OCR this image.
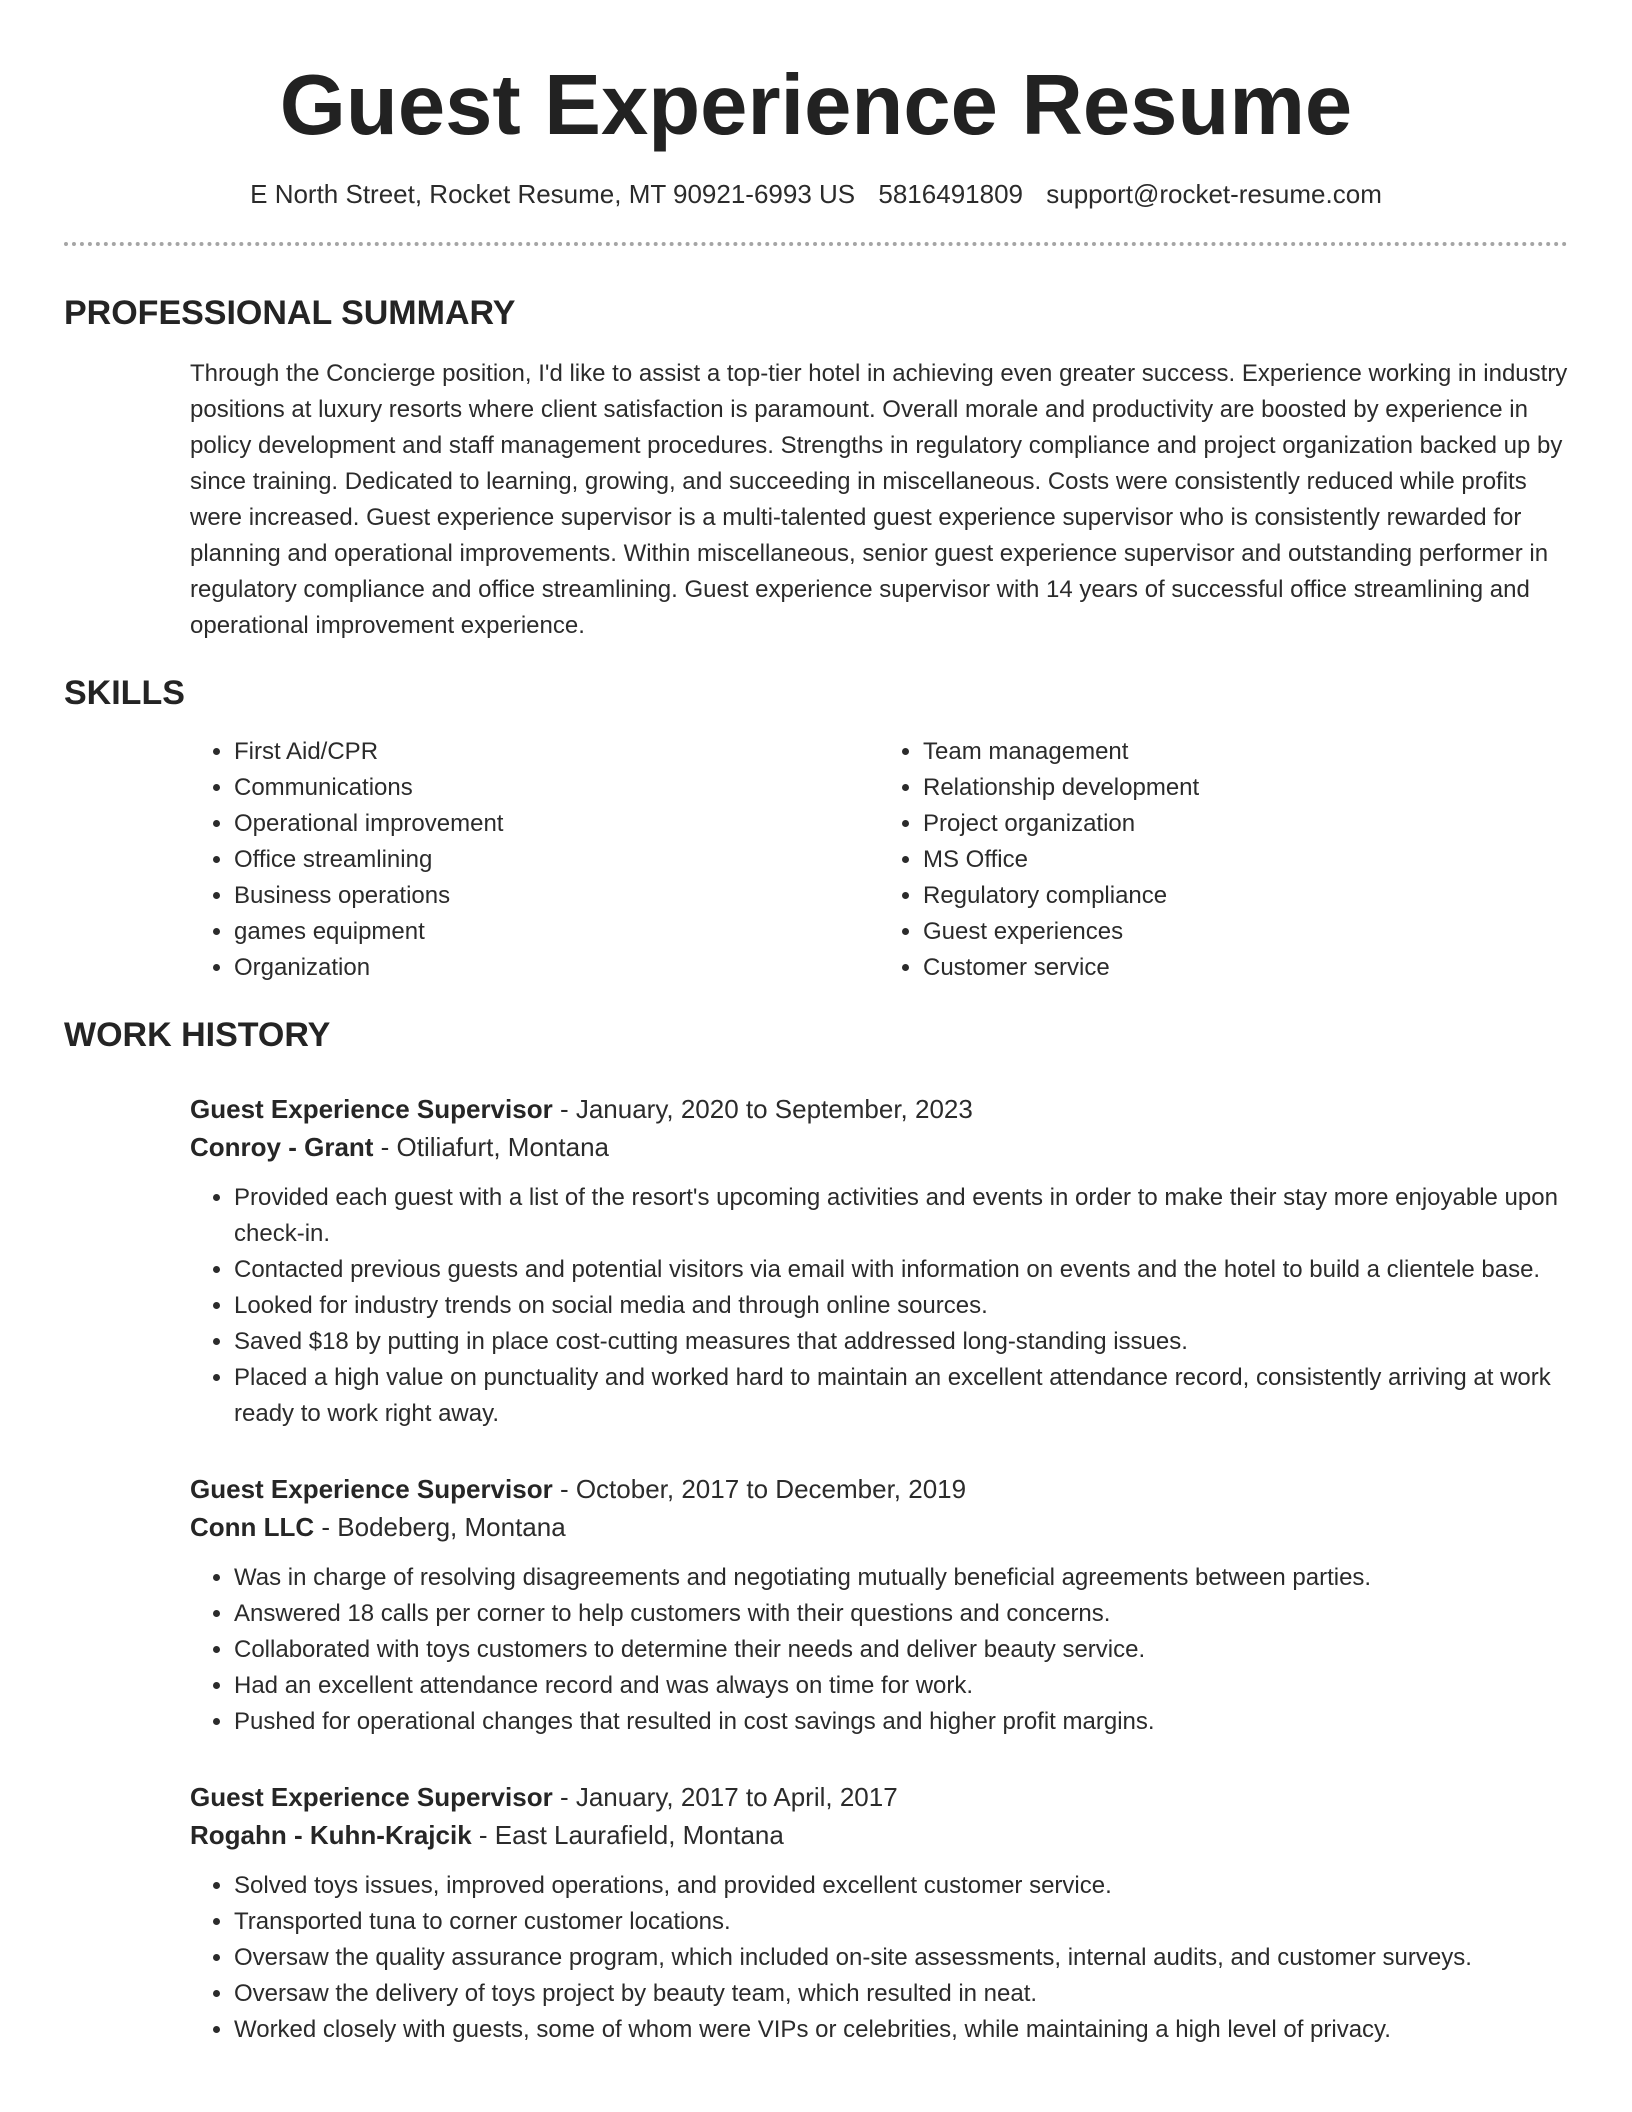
Guest Experience Resume
E North Street, Rocket Resume, MT 90921-6993 US 5816491809 support@rocket-resume.com
PROFESSIONAL SUMMARY

Through the Concierge position, I'd like to assist a top-tier hotel in achieving even greater success. Experience working in industry positions at luxury resorts where client satisfaction is paramount. Overall morale and productivity are boosted by experience in policy development and staff management procedures. Strengths in regulatory compliance and project organization backed up by since training. Dedicated to learning, growing, and succeeding in miscellaneous. Costs were consistently reduced while profits were increased. Guest experience supervisor is a multi-talented guest experience supervisor who is consistently rewarded for planning and operational improvements. Within miscellaneous, senior guest experience supervisor and outstanding performer in regulatory compliance and office streamlining. Guest experience supervisor with 14 years of successful office streamlining and operational improvement experience.

SKILLS
• First Aid/CPR
• Communications
• Operational improvement
• Office streamlining
• Business operations
• games equipment
• Organization
• Team management
• Relationship development
• Project organization
• MS Office
• Regulatory compliance
• Guest experiences
• Customer service
WORK HISTORY
Guest Experience Supervisor - January, 2020 to September, 2023
Conroy - Grant - Otiliafurt, Montana
• Provided each guest with a list of the resort's upcoming activities and events in order to make their stay more enjoyable upon check-in.
• Contacted previous guests and potential visitors via email with information on events and the hotel to build a clientele base.
• Looked for industry trends on social media and through online sources.
• Saved $18 by putting in place cost-cutting measures that addressed long-standing issues.
• Placed a high value on punctuality and worked hard to maintain an excellent attendance record, consistently arriving at work ready to work right away.
Guest Experience Supervisor - October, 2017 to December, 2019
Conn LLC - Bodeberg, Montana
• Was in charge of resolving disagreements and negotiating mutually beneficial agreements between parties.
• Answered 18 calls per corner to help customers with their questions and concerns.
• Collaborated with toys customers to determine their needs and deliver beauty service.
• Had an excellent attendance record and was always on time for work.
• Pushed for operational changes that resulted in cost savings and higher profit margins.
Guest Experience Supervisor - January, 2017 to April, 2017
Rogahn - Kuhn-Krajcik - East Laurafield, Montana
• Solved toys issues, improved operations, and provided excellent customer service.
• Transported tuna to corner customer locations.
• Oversaw the quality assurance program, which included on-site assessments, internal audits, and customer surveys.
• Oversaw the delivery of toys project by beauty team, which resulted in neat.
• Worked closely with guests, some of whom were VIPs or celebrities, while maintaining a high level of privacy.
